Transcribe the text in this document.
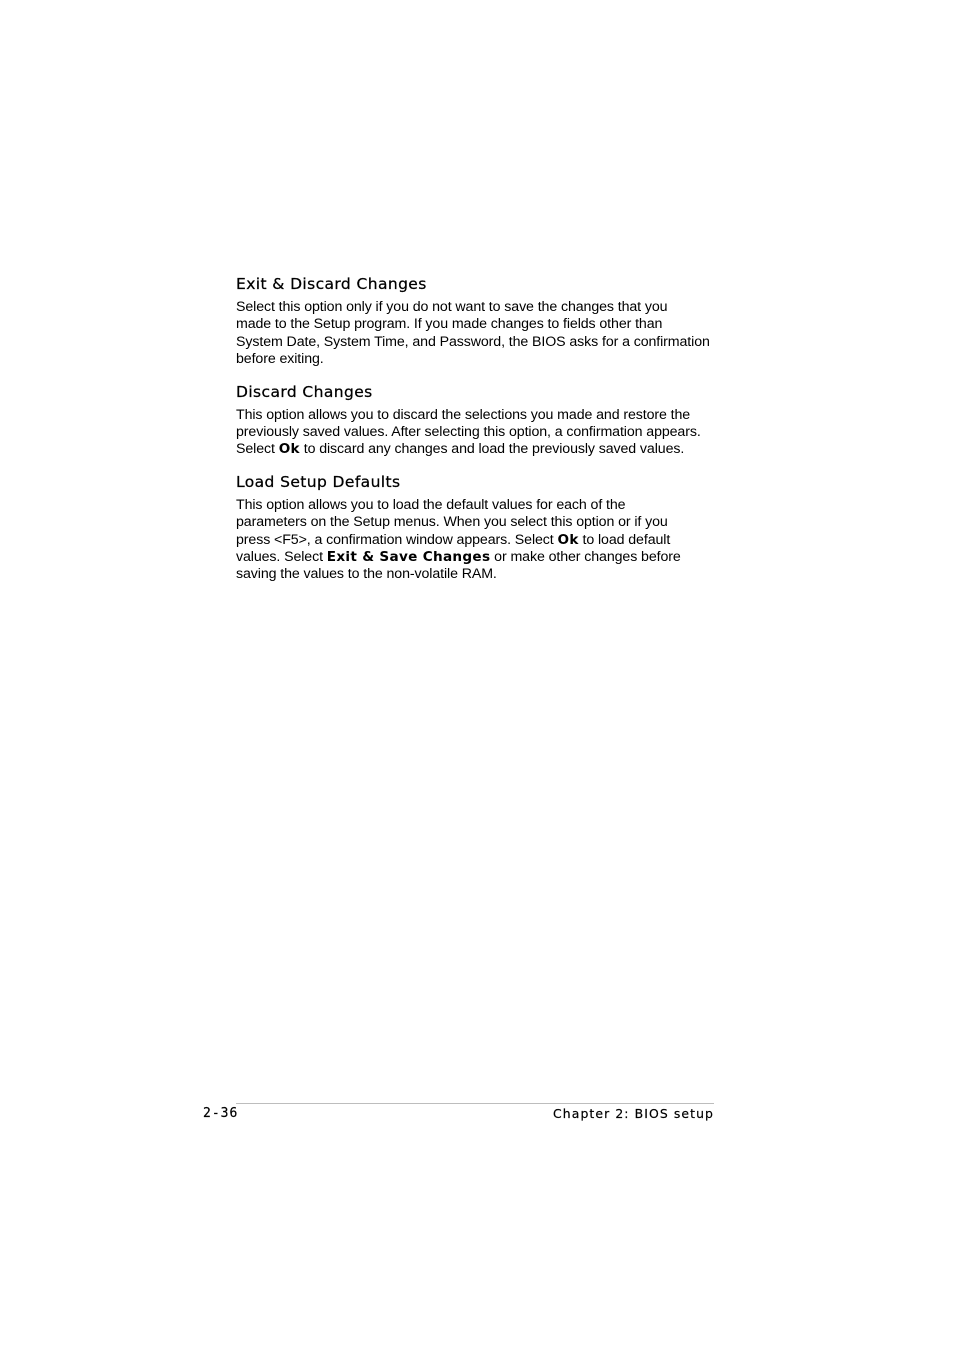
Exit & Discard Changes

Select this option only if you do not want to save the changes that you
made to the Setup program. If you made changes to fields other than
System Date, System Time, and Password, the BIOS asks for a confirmation
before exiting.

Discard Changes

This option allows you to discard the selections you made and restore the
previously saved values. After selecting this option, a confirmation appears.
Select Ok to discard any changes and load the previously saved values.

Load Setup Defaults

This option allows you to load the default values for each of the
parameters on the Setup menus. When you select this option or if you
press <F5>, a confirmation window appears. Select Ok to load default
values. Select Exit & Save Changes or make other changes before
saving the values to the non-volatile RAM.

2-36	Chapter 2: BIOS setup
